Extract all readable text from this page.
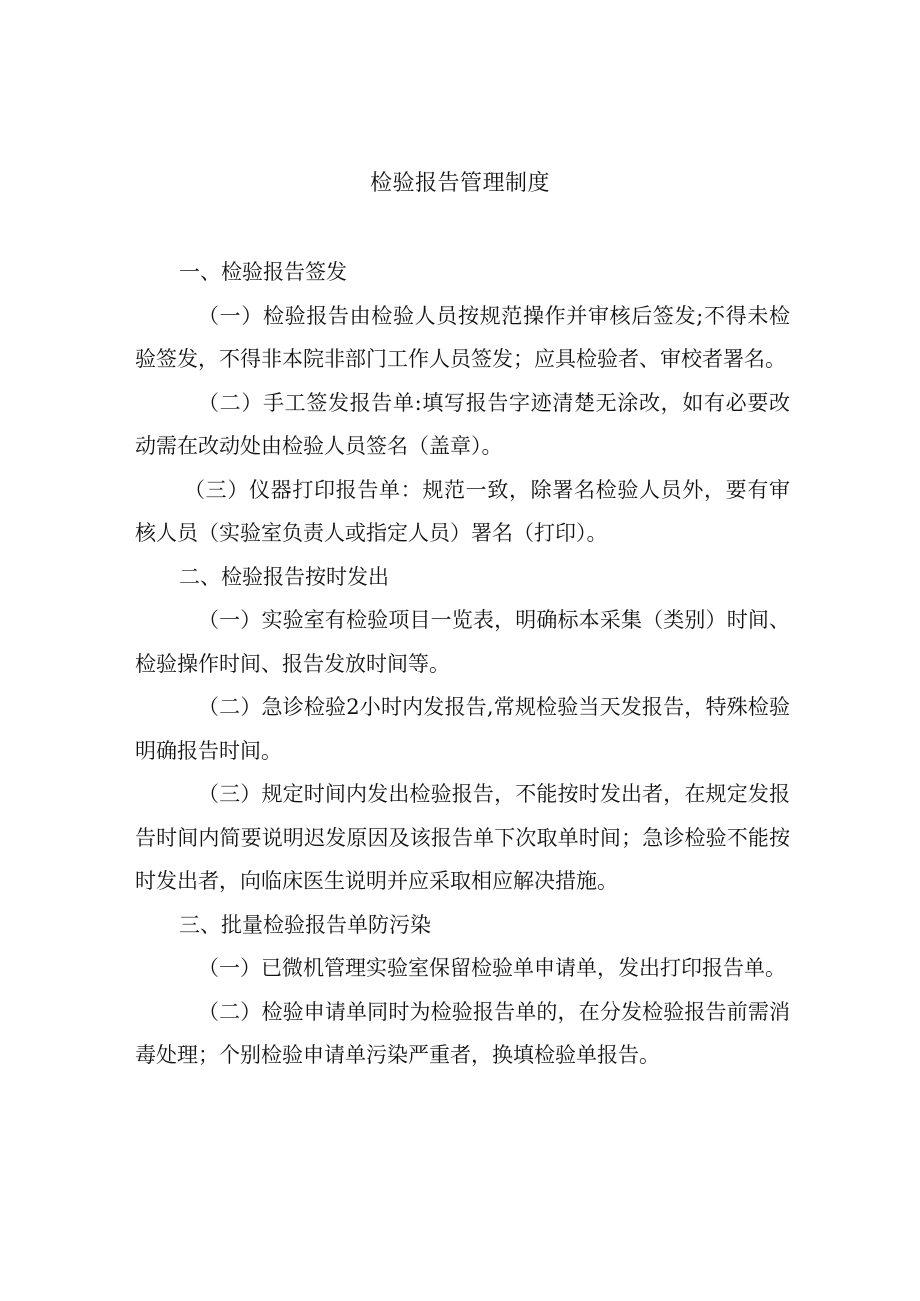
检验报告管理制度

一、检验报告签发

（一）检验报告由检验人员按规范操作并审核后签发;不得未检验签发，不得非本院非部门工作人员签发；应具检验者、审校者署名。

（二）手工签发报告单:填写报告字迹清楚无涂改，如有必要改动需在改动处由检验人员签名（盖章）。

（三）仪器打印报告单：规范一致，除署名检验人员外，要有审核人员（实验室负责人或指定人员）署名（打印）。

二、检验报告按时发出

（一）实验室有检验项目一览表，明确标本采集（类别）时间、检验操作时间、报告发放时间等。

（二）急诊检验2小时内发报告,常规检验当天发报告，特殊检验明确报告时间。

（三）规定时间内发出检验报告，不能按时发出者，在规定发报告时间内简要说明迟发原因及该报告单下次取单时间；急诊检验不能按时发出者，向临床医生说明并应采取相应解决措施。

三、批量检验报告单防污染

（一）已微机管理实验室保留检验单申请单，发出打印报告单。

（二）检验申请单同时为检验报告单的，在分发检验报告前需消毒处理；个别检验申请单污染严重者，换填检验单报告。
